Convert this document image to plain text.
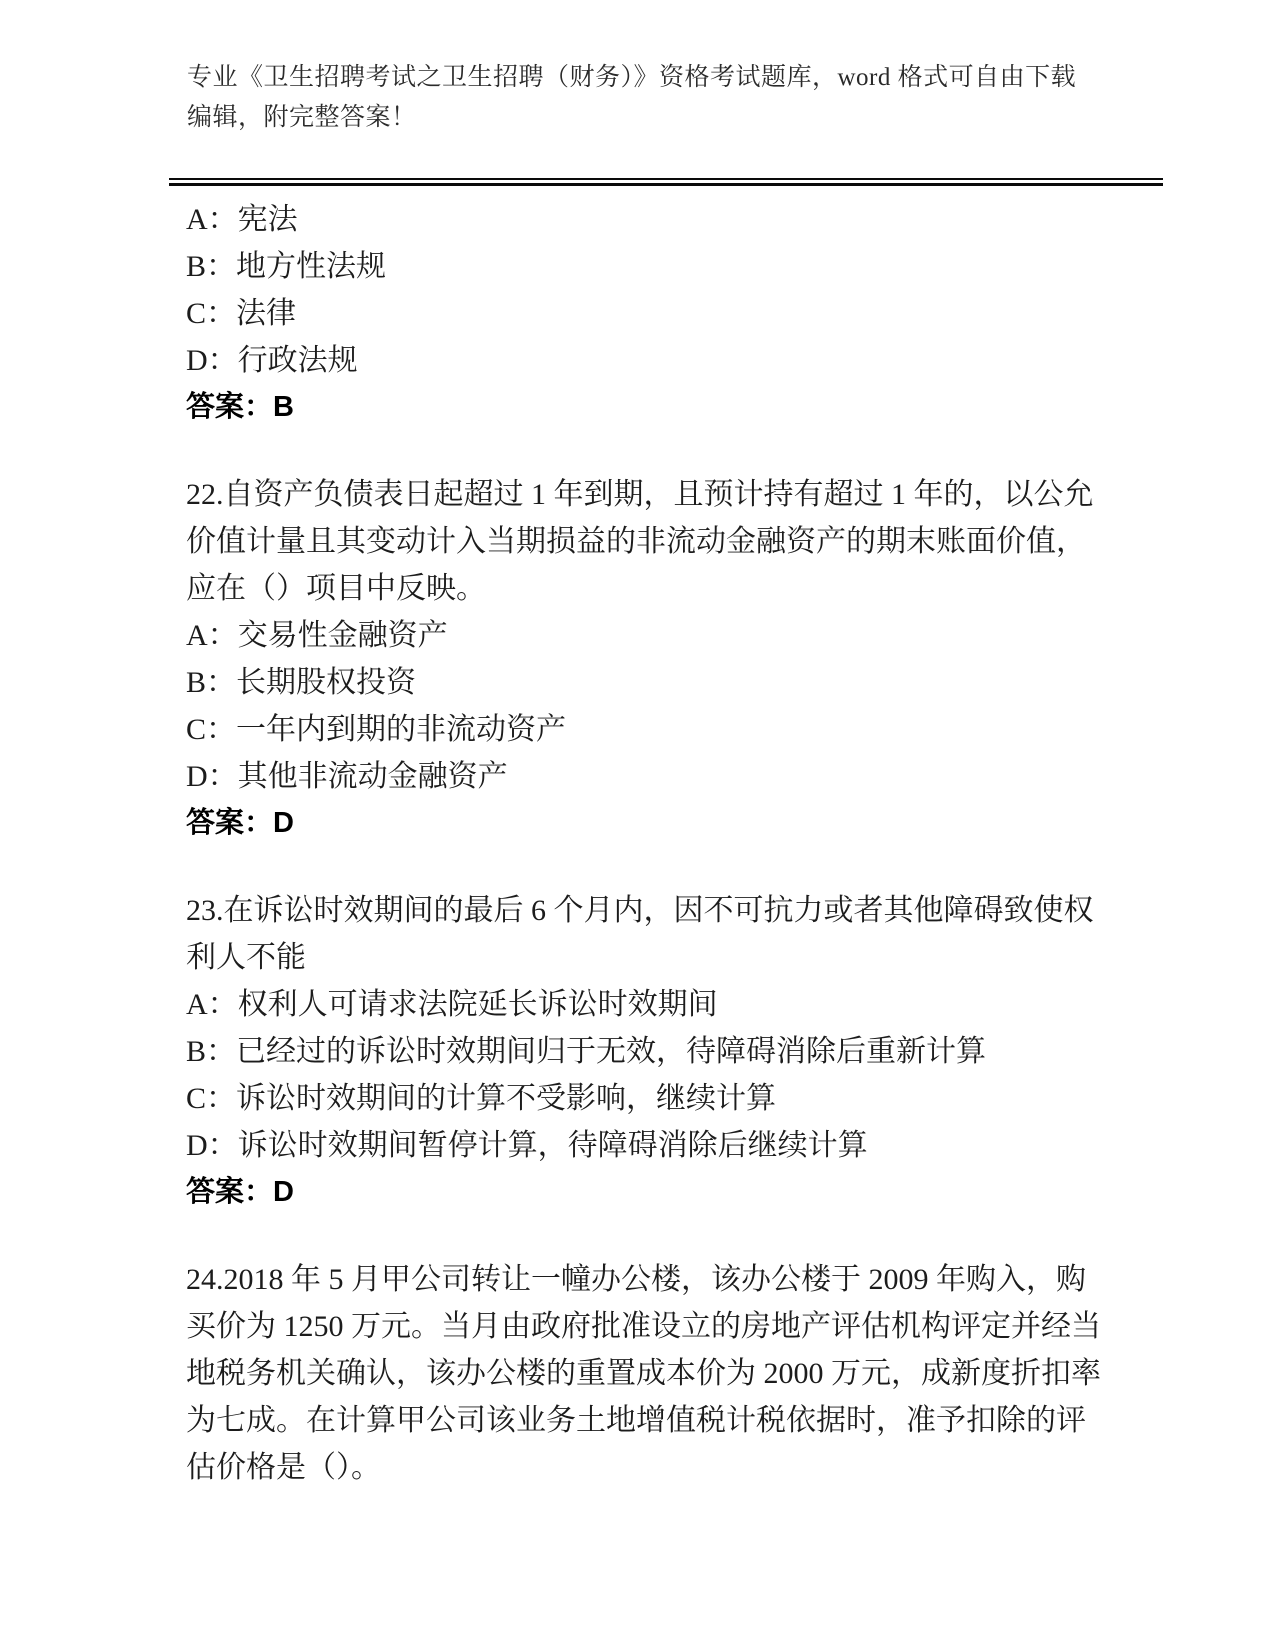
专业《卫生招聘考试之卫生招聘（财务）》资格考试题库，word 格式可自由下载
编辑，附完整答案！
A：宪法
B：地方性法规
C：法律
D：行政法规
答案：B
22.自资产负债表日起超过 1 年到期，且预计持有超过 1 年的，以公允
价值计量且其变动计入当期损益的非流动金融资产的期末账面价值，
应在（）项目中反映。
A：交易性金融资产
B：长期股权投资
C：一年内到期的非流动资产
D：其他非流动金融资产
答案：D
23.在诉讼时效期间的最后 6 个月内，因不可抗力或者其他障碍致使权
利人不能
A：权利人可请求法院延长诉讼时效期间
B：已经过的诉讼时效期间归于无效，待障碍消除后重新计算
C：诉讼时效期间的计算不受影响，继续计算
D：诉讼时效期间暂停计算，待障碍消除后继续计算
答案：D
24.2018 年 5 月甲公司转让一幢办公楼，该办公楼于 2009 年购入，购
买价为 1250 万元。当月由政府批准设立的房地产评估机构评定并经当
地税务机关确认，该办公楼的重置成本价为 2000 万元，成新度折扣率
为七成。在计算甲公司该业务土地增值税计税依据时，准予扣除的评
估价格是（）。
